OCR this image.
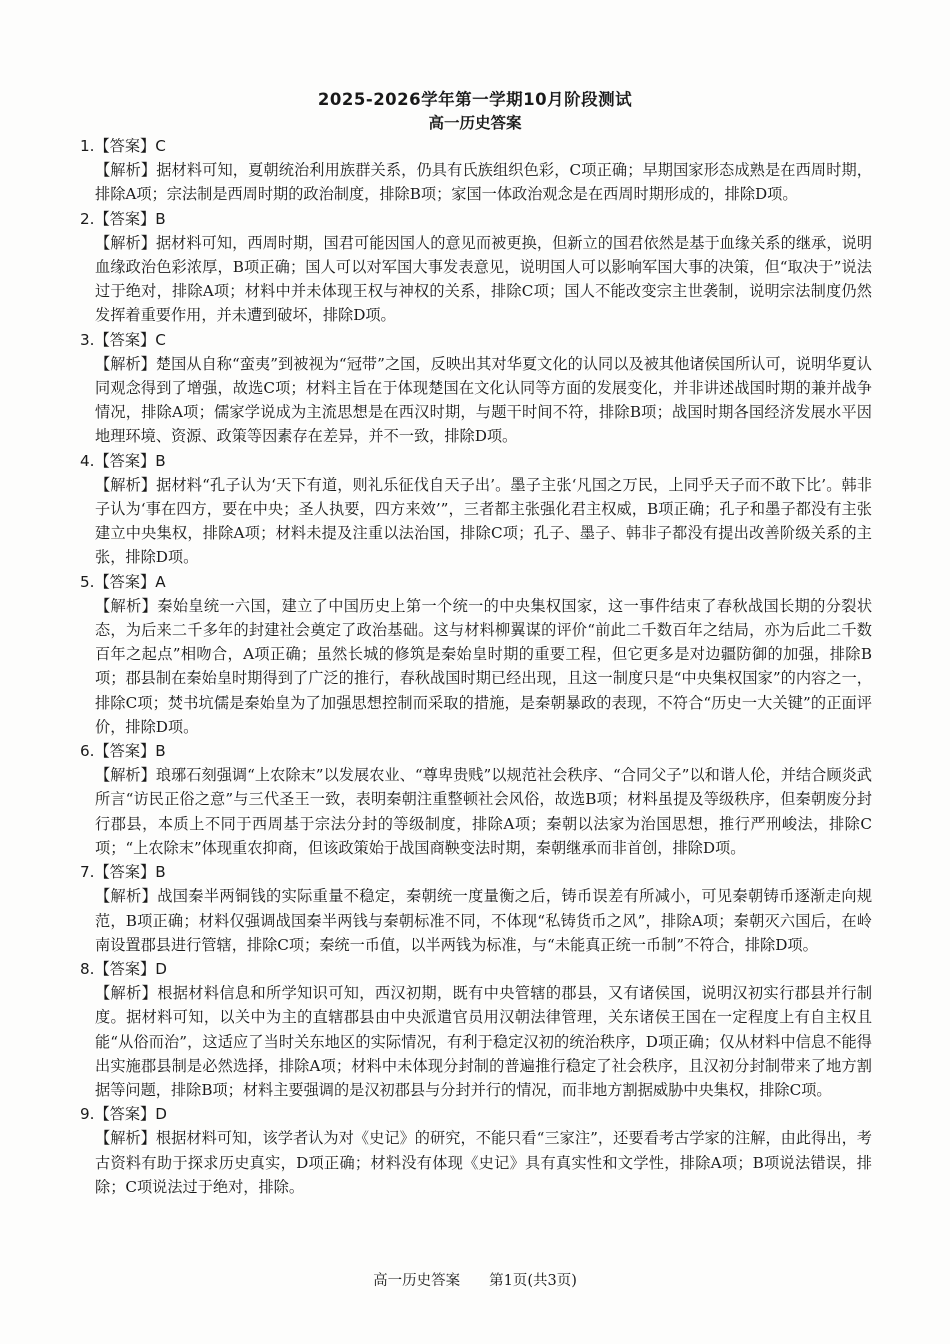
2025-2026学年第一学期10月阶段测试
高一历史答案

1.【答案】C

【解析】据材料可知，夏朝统治利用族群关系，仍具有氏族组织色彩，C项正确；早期国家形态成熟是在西周时期，排除A项；宗法制是西周时期的政治制度，排除B项；家国一体政治观念是在西周时期形成的，排除D项。

2.【答案】B

【解析】据材料可知，西周时期，国君可能因国人的意见而被更换，但新立的国君依然是基于血缘关系的继承，说明血缘政治色彩浓厚，B项正确；国人可以对军国大事发表意见，说明国人可以影响军国大事的决策，但“取决于”说法过于绝对，排除A项；材料中并未体现王权与神权的关系，排除C项；国人不能改变宗主世袭制，说明宗法制度仍然发挥着重要作用，并未遭到破坏，排除D项。

3.【答案】C

【解析】楚国从自称“蛮夷”到被视为“冠带”之国，反映出其对华夏文化的认同以及被其他诸侯国所认可，说明华夏认同观念得到了增强，故选C项；材料主旨在于体现楚国在文化认同等方面的发展变化，并非讲述战国时期的兼并战争情况，排除A项；儒家学说成为主流思想是在西汉时期，与题干时间不符，排除B项；战国时期各国经济发展水平因地理环境、资源、政策等因素存在差异，并不一致，排除D项。

4.【答案】B

【解析】据材料“孔子认为‘天下有道，则礼乐征伐自天子出’。墨子主张‘凡国之万民，上同乎天子而不敢下比’。韩非子认为‘事在四方，要在中央；圣人执要，四方来效’”，三者都主张强化君主权威，B项正确；孔子和墨子都没有主张建立中央集权，排除A项；材料未提及注重以法治国，排除C项；孔子、墨子、韩非子都没有提出改善阶级关系的主张，排除D项。

5.【答案】A

【解析】秦始皇统一六国，建立了中国历史上第一个统一的中央集权国家，这一事件结束了春秋战国长期的分裂状态，为后来二千多年的封建社会奠定了政治基础。这与材料柳翼谋的评价“前此二千数百年之结局，亦为后此二千数百年之起点”相吻合，A项正确；虽然长城的修筑是秦始皇时期的重要工程，但它更多是对边疆防御的加强，排除B项；郡县制在秦始皇时期得到了广泛的推行，春秋战国时期已经出现，且这一制度只是“中央集权国家”的内容之一，排除C项；焚书坑儒是秦始皇为了加强思想控制而采取的措施，是秦朝暴政的表现，不符合“历史一大关键”的正面评价，排除D项。

6.【答案】B

【解析】琅琊石刻强调“上农除末”以发展农业、“尊卑贵贱”以规范社会秩序、“合同父子”以和谐人伦，并结合顾炎武所言“访民正俗之意”与三代圣王一致，表明秦朝注重整顿社会风俗，故选B项；材料虽提及等级秩序，但秦朝废分封行郡县，本质上不同于西周基于宗法分封的等级制度，排除A项；秦朝以法家为治国思想，推行严刑峻法，排除C项；“上农除末”体现重农抑商，但该政策始于战国商鞅变法时期，秦朝继承而非首创，排除D项。

7.【答案】B

【解析】战国秦半两铜钱的实际重量不稳定，秦朝统一度量衡之后，铸币误差有所减小，可见秦朝铸币逐渐走向规范，B项正确；材料仅强调战国秦半两钱与秦朝标准不同，不体现“私铸货币之风”，排除A项；秦朝灭六国后，在岭南设置郡县进行管辖，排除C项；秦统一币值，以半两钱为标准，与“未能真正统一币制”不符合，排除D项。

8.【答案】D

【解析】根据材料信息和所学知识可知，西汉初期，既有中央管辖的郡县，又有诸侯国，说明汉初实行郡县并行制度。据材料可知，以关中为主的直辖郡县由中央派遣官员用汉朝法律管理，关东诸侯王国在一定程度上有自主权且能“从俗而治”，这适应了当时关东地区的实际情况，有利于稳定汉初的统治秩序，D项正确；仅从材料中信息不能得出实施郡县制是必然选择，排除A项；材料中未体现分封制的普遍推行稳定了社会秩序，且汉初分封制带来了地方割据等问题，排除B项；材料主要强调的是汉初郡县与分封并行的情况，而非地方割据威胁中央集权，排除C项。

9.【答案】D

【解析】根据材料可知，该学者认为对《史记》的研究，不能只看“三家注”，还要看考古学家的注解，由此得出，考古资料有助于探求历史真实，D项正确；材料没有体现《史记》具有真实性和文学性，排除A项；B项说法错误，排除；C项说法过于绝对，排除。

高一历史答案　　第1页(共3页)
